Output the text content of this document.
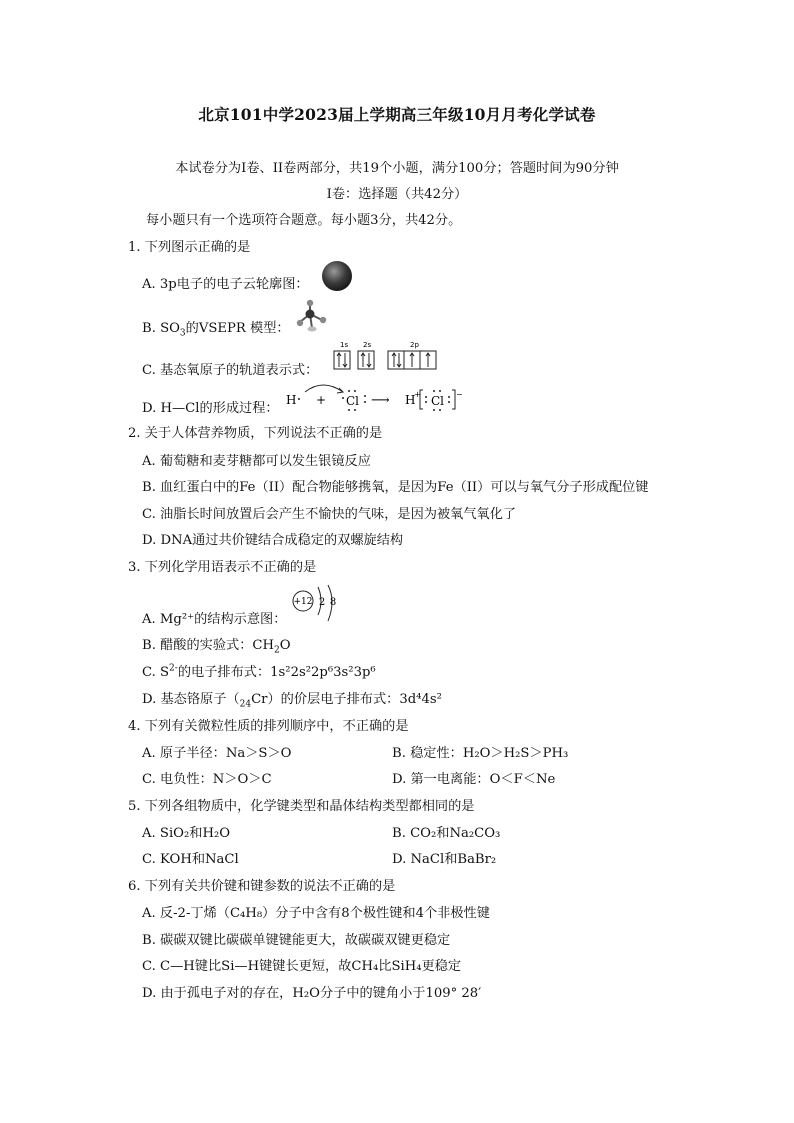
北京101中学2023届上学期高三年级10月月考化学试卷
本试卷分为I卷、II卷两部分，共19个小题，满分100分；答题时间为90分钟
I卷：选择题（共42分）
每小题只有一个选项符合题意。每小题3分，共42分。
1. 下列图示正确的是
A. 3p电子的电子云轮廓图：
B. $SO_3$的VSEPR 模型：
C. 基态氧原子的轨道表示式：
1s 2s	2p
D. H—Cl的形成过程：
H + Cl ⟶ H
+ Cl −
2. 关于人体营养物质，下列说法不正确的是
A. 葡萄糖和麦芽糖都可以发生银镜反应
B. 血红蛋白中的Fe（II）配合物能够携氧，是因为Fe（II）可以与氧气分子形成配位键
C. 油脂长时间放置后会产生不愉快的气味，是因为被氧气氧化了
D. DNA通过共价键结合成稳定的双螺旋结构
3. 下列化学用语表示不正确的是
A. Mg²⁺的结构示意图：
+12 2 8
B. 醋酸的实验式：$CH_2O$
C. $S^{2-}$的电子排布式：1s²2s²2p⁶3s²3p⁶
D. 基态铬原子$(_{24}Cr)$的价层电子排布式：3d⁴4s²
4. 下列有关微粒性质的排列顺序中，不正确的是
A. 原子半径：Na＞S＞O	B. 稳定性：H₂O＞H₂S＞PH₃
C. 电负性：N＞O＞C	D. 第一电离能：O＜F＜Ne
5. 下列各组物质中，化学键类型和晶体结构类型都相同的是
A. SiO₂和H₂O	B. CO₂和Na₂CO₃
C. KOH和NaCl	D. NaCl和BaBr₂
6. 下列有关共价键和键参数的说法不正确的是
A. 反-2-丁烯（C₄H₈）分子中含有8个极性键和4个非极性键
B. 碳碳双键比碳碳单键键能更大，故碳碳双键更稳定
C. C—H键比Si—H键键长更短，故CH₄比SiH₄更稳定
D. 由于孤电子对的存在，H₂O分子中的键角小于109° 28′
